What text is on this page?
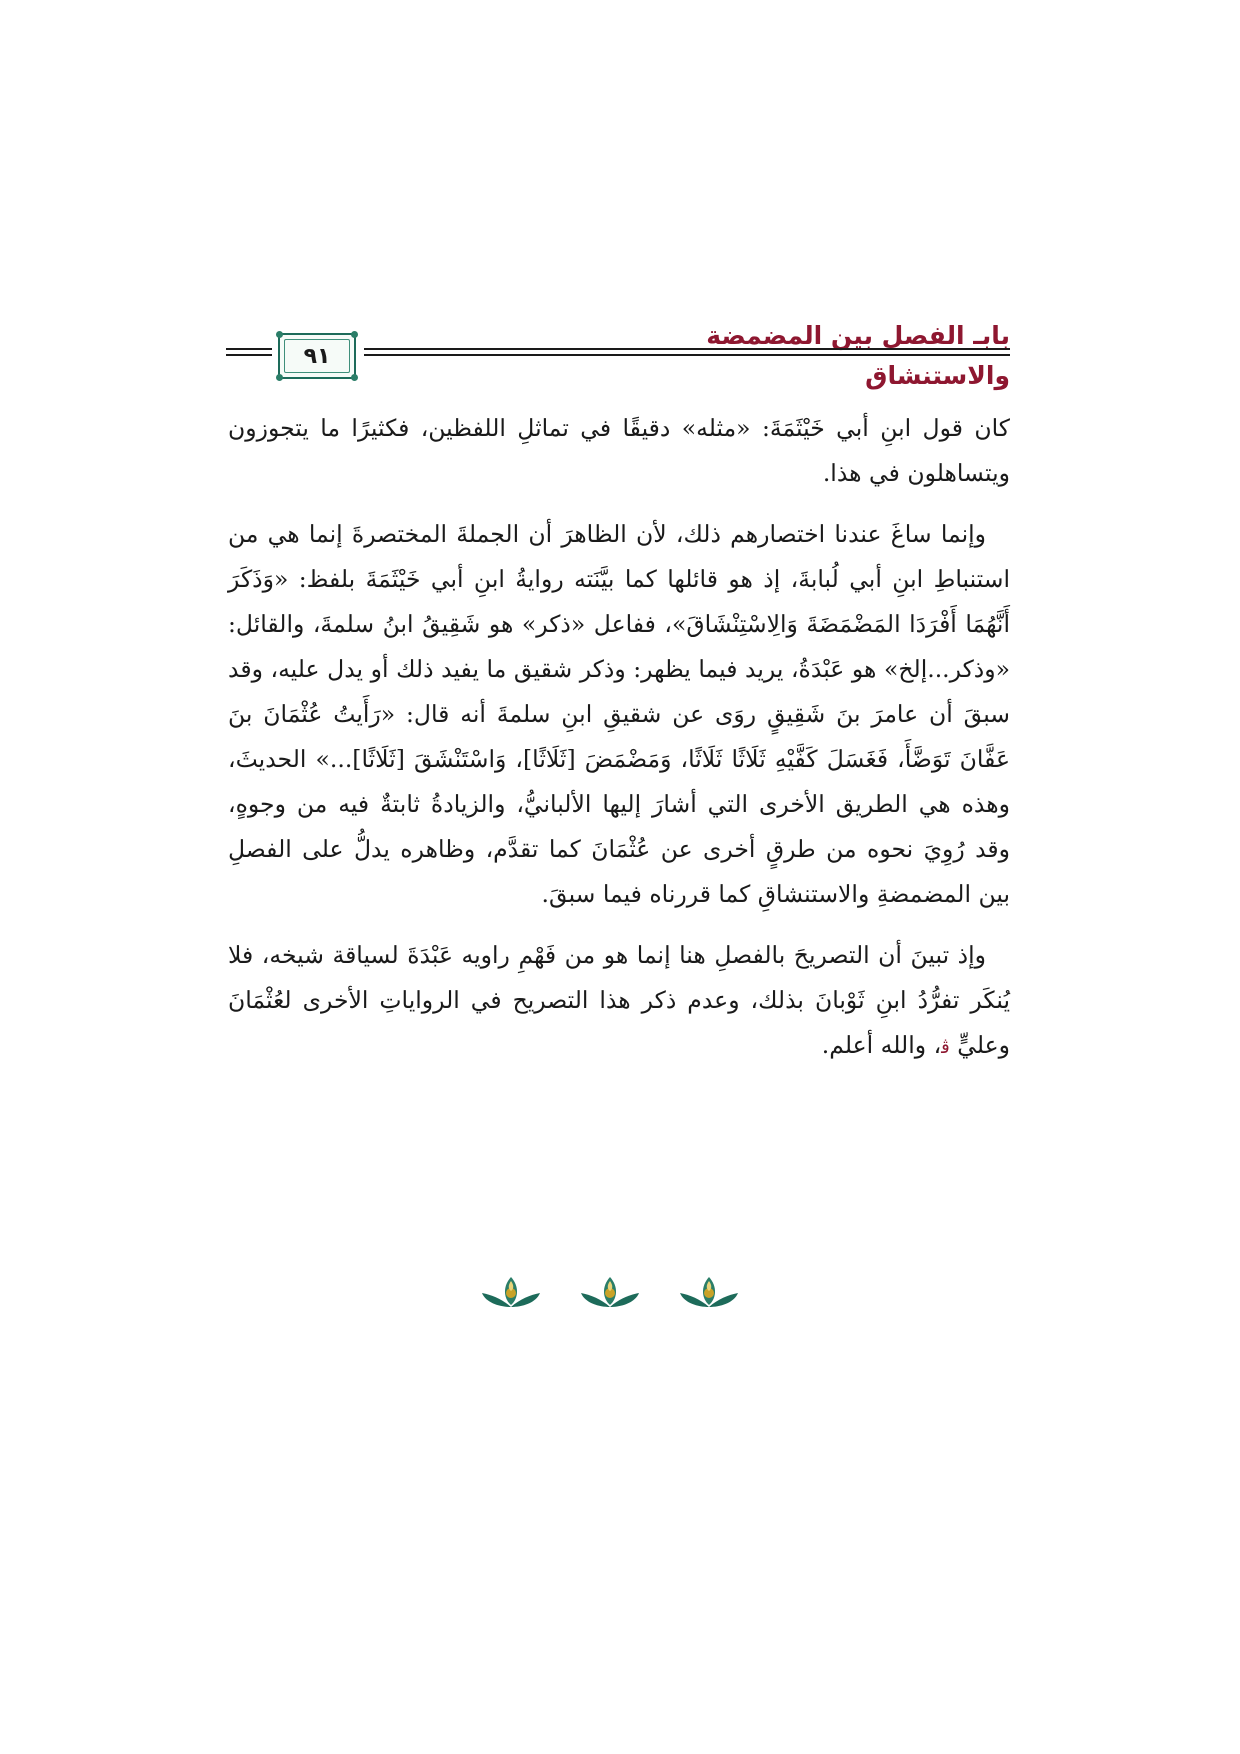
بابـ الفصل بين المضمضة والاستنشاق
٩١

كان قول ابنِ أبي خَيْثَمَةَ: «مثله» دقيقًا في تماثلِ اللفظين، فكثيرًا ما يتجوزون ويتساهلون في هذا.

وإنما ساغَ عندنا اختصارهم ذلك، لأن الظاهرَ أن الجملةَ المختصرةَ إنما هي من استنباطِ ابنِ أبي لُبابةَ، إذ هو قائلها كما بيَّنَته روايةُ ابنِ أبي خَيْثَمَةَ بلفظ: «وَذَكَرَ أَنَّهُمَا أَفْرَدَا المَضْمَضَةَ وَالِاسْتِنْشَاقَ»، ففاعل «ذكر» هو شَقِيقُ ابنُ سلمةَ، والقائل: «وذكر...إلخ» هو عَبْدَةُ، يريد فيما يظهر: وذكر شقيق ما يفيد ذلك أو يدل عليه، وقد سبقَ أن عامرَ بنَ شَقِيقٍ روَى عن شقيقِ ابنِ سلمةَ أنه قال: «رَأَيتُ عُثْمَانَ بنَ عَفَّانَ تَوَضَّأَ، فَغَسَلَ كَفَّيْهِ ثَلَاثًا ثَلَاثًا، وَمَضْمَضَ [ثَلَاثًا]، وَاسْتَنْشَقَ [ثَلَاثًا]...» الحديثَ، وهذه هي الطريق الأخرى التي أشارَ إليها الألبانيُّ، والزيادةُ ثابتةٌ فيه من وجوهٍ، وقد رُوِيَ نحوه من طرقٍ أخرى عن عُثْمَانَ كما تقدَّم، وظاهره يدلُّ على الفصلِ بين المضمضةِ والاستنشاقِ كما قررناه فيما سبقَ.

وإذ تبينَ أن التصريحَ بالفصلِ هنا إنما هو من فَهْمِ راويه عَبْدَةَ لسياقة شيخه، فلا يُنكَر تفرُّدُ ابنِ ثَوْبانَ بذلك، وعدم ذكر هذا التصريح في الرواياتِ الأخرى لعُثْمَانَ وعليٍّ ﭬ، والله أعلم.
